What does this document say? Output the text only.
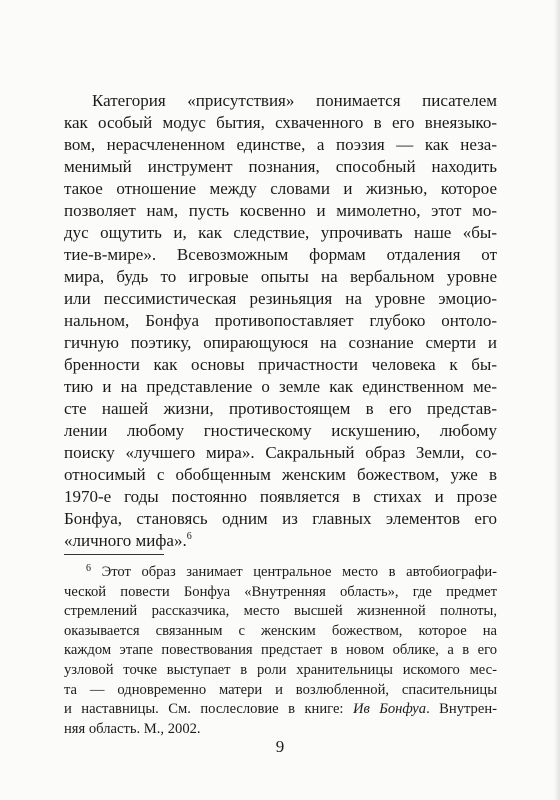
Категория «присутствия» понимается писателем
как особый модус бытия, схваченного в его внеязыко-
вом, нерасчлененном единстве, а поэзия — как неза-
менимый инструмент познания, способный находить
такое отношение между словами и жизнью, которое
позволяет нам, пусть косвенно и мимолетно, этот мо-
дус ощутить и, как следствие, упрочивать наше «бы-
тие-в-мире». Всевозможным формам отдаления от
мира, будь то игровые опыты на вербальном уровне
или пессимистическая резиньяция на уровне эмоцио-
нальном, Бонфуа противопоставляет глубоко онтоло-
гичную поэтику, опирающуюся на сознание смерти и
бренности как основы причастности человека к бы-
тию и на представление о земле как единственном ме-
сте нашей жизни, противостоящем в его представ-
лении любому гностическому искушению, любому
поиску «лучшего мира». Сакральный образ Земли, со-
относимый с обобщенным женским божеством, уже в
1970-е годы постоянно появляется в стихах и прозе
Бонфуа, становясь одним из главных элементов его
«личного мифа».$^6$
$^6$ Этот образ занимает центральное место в автобиографи-
ческой повести Бонфуа «Внутренняя область», где предмет
стремлений рассказчика, место высшей жизненной полноты,
оказывается связанным с женским божеством, которое на
каждом этапе повествования предстает в новом облике, а в его
узловой точке выступает в роли хранительницы искомого мес-
та — одновременно матери и возлюбленной, спасительницы
и наставницы. См. послесловие в книге: Ив Бонфуа. Внутрен-
няя область. М., 2002.
9
